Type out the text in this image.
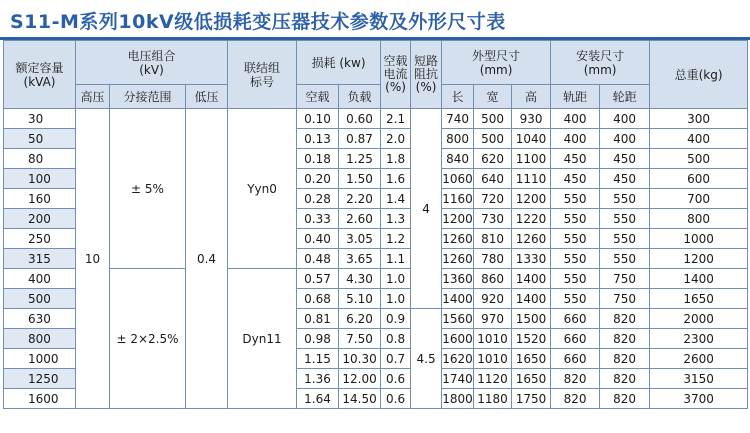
S11-M系列10kV级低损耗变压器技术参数及外形尺寸表
额定容量
(kVA)	电压组合
(kV)			联结组
标号	损耗 (kw)		空载电流(%)	短路阻抗(%)	外型尺寸
(mm)			安装尺寸
(mm)		总重(kg)
	高压	分接范围	低压		空载	负载			长	宽	高	轨距	轮距	
30	10	± 5%	0.4	Yyn0	0.10	0.60	2.1	4	740	500	930	400	400	300
50					0.13	0.87	2.0		800	500	1040	400	400	400
80					0.18	1.25	1.8		840	620	1100	450	450	500
100					0.20	1.50	1.6		1060	640	1110	450	450	600
160					0.28	2.20	1.4		1160	720	1200	550	550	700
200					0.33	2.60	1.3		1200	730	1220	550	550	800
250					0.40	3.05	1.2		1260	810	1260	550	550	1000
315					0.48	3.65	1.1		1260	780	1330	550	550	1200
400		± 2×2.5%		Dyn11	0.57	4.30	1.0		1360	860	1400	550	750	1400
500					0.68	5.10	1.0		1400	920	1400	550	750	1650
630					0.81	6.20	0.9	4.5	1560	970	1500	660	820	2000
800					0.98	7.50	0.8		1600	1010	1520	660	820	2300
1000					1.15	10.30	0.7		1620	1010	1650	660	820	2600
1250					1.36	12.00	0.6		1740	1120	1650	820	820	3150
1600					1.64	14.50	0.6		1800	1180	1750	820	820	3700
